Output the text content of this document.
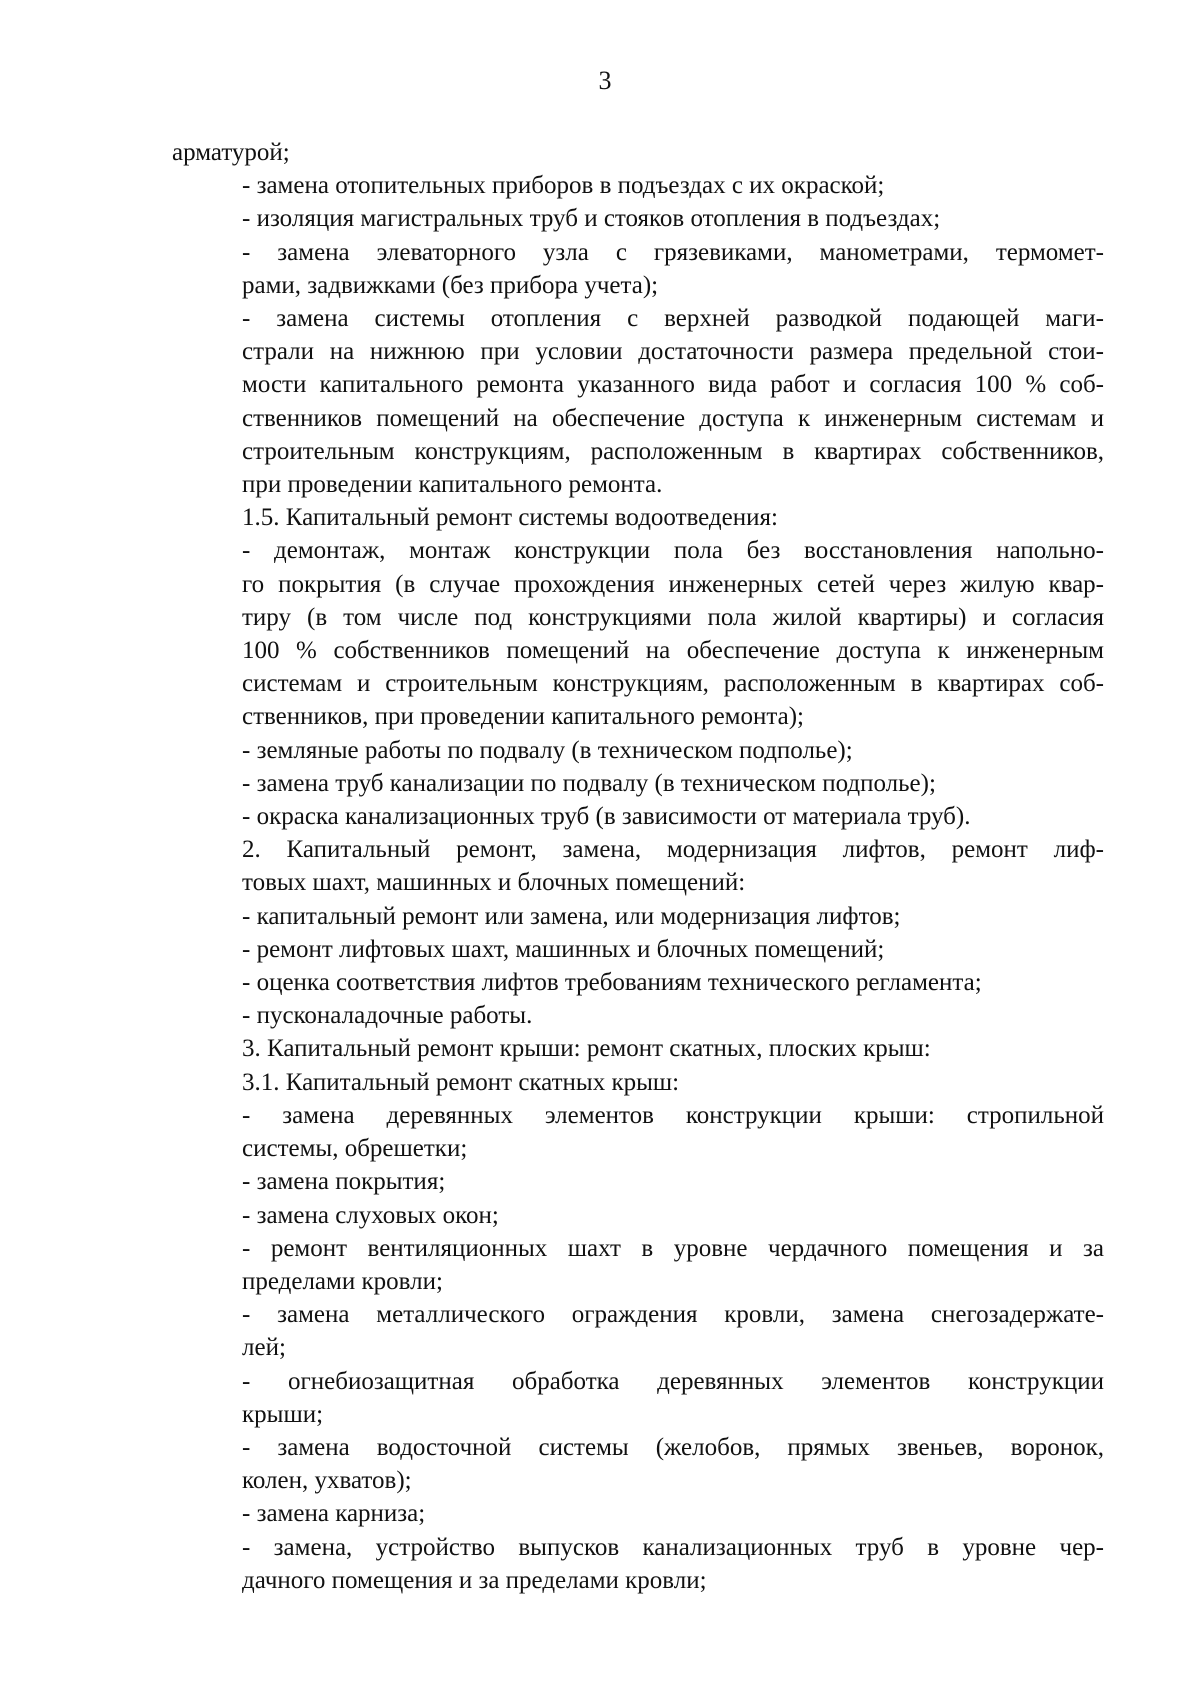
3
арматурой;
- замена отопительных приборов в подъездах с их окраской;
- изоляция магистральных труб и стояков отопления в подъездах;
- замена элеваторного узла с грязевиками, манометрами, термомет-
рами, задвижками (без прибора учета);
- замена системы отопления с верхней разводкой подающей маги-
страли на нижнюю при условии достаточности размера предельной стои-
мости капитального ремонта указанного вида работ и согласия 100 % соб-
ственников помещений на обеспечение доступа к инженерным системам и
строительным конструкциям, расположенным в квартирах собственников,
при проведении капитального ремонта.
1.5. Капитальный ремонт системы водоотведения:
- демонтаж, монтаж конструкции пола без восстановления напольно-
го покрытия (в случае прохождения инженерных сетей через жилую квар-
тиру (в том числе под конструкциями пола жилой квартиры) и согласия
100 % собственников помещений на обеспечение доступа к инженерным
системам и строительным конструкциям, расположенным в квартирах соб-
ственников, при проведении капитального ремонта);
- земляные работы по подвалу (в техническом подполье);
- замена труб канализации по подвалу (в техническом подполье);
- окраска канализационных труб (в зависимости от материала труб).
2. Капитальный ремонт, замена, модернизация лифтов, ремонт лиф-
товых шахт, машинных и блочных помещений:
- капитальный ремонт или замена, или модернизация лифтов;
- ремонт лифтовых шахт, машинных и блочных помещений;
- оценка соответствия лифтов требованиям технического регламента;
- пусконаладочные работы.
3. Капитальный ремонт крыши: ремонт скатных, плоских крыш:
3.1. Капитальный ремонт скатных крыш:
- замена деревянных элементов конструкции крыши: стропильной
системы, обрешетки;
- замена покрытия;
- замена слуховых окон;
- ремонт вентиляционных шахт в уровне чердачного помещения и за
пределами кровли;
- замена металлического ограждения кровли, замена снегозадержате-
лей;
- огнебиозащитная обработка деревянных элементов конструкции
крыши;
- замена водосточной системы (желобов, прямых звеньев, воронок,
колен, ухватов);
- замена карниза;
- замена, устройство выпусков канализационных труб в уровне чер-
дачного помещения и за пределами кровли;
